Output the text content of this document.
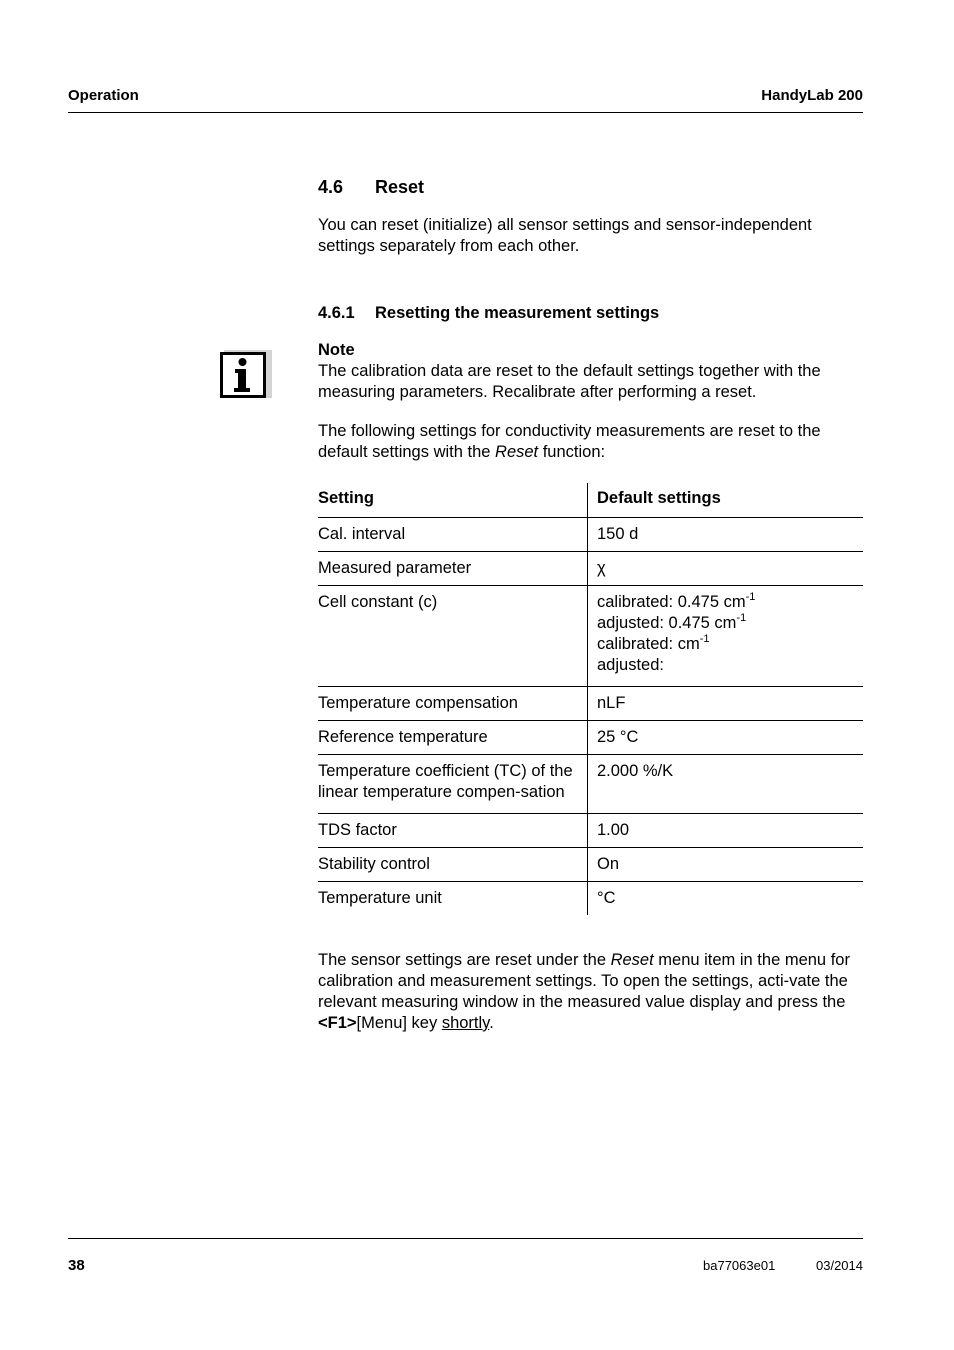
Operation	HandyLab 200
4.6 Reset
You can reset (initialize) all sensor settings and sensor-independent settings separately from each other.
4.6.1 Resetting the measurement settings
Note
The calibration data are reset to the default settings together with the measuring parameters. Recalibrate after performing a reset.
The following settings for conductivity measurements are reset to the default settings with the Reset function:
Setting	Default settings
Cal. interval	150 d
Measured parameter	χ
Cell constant (c)	calibrated: 0.475 $cm^{-1}$
adjusted: 0.475 $cm^{-1}$
calibrated: $cm^{-1}$
adjusted:

Temperature compensation	nLF
Reference temperature	25 °C
Temperature coefficient (TC) of the linear temperature compen-sation	2.000 %/K
TDS factor	1.00
Stability control	On
Temperature unit	°C
The sensor settings are reset under the Reset menu item in the menu for calibration and measurement settings. To open the settings, acti-vate the relevant measuring window in the measured value display and press the <F1>[Menu] key shortly.
38	ba77063e01	03/2014
